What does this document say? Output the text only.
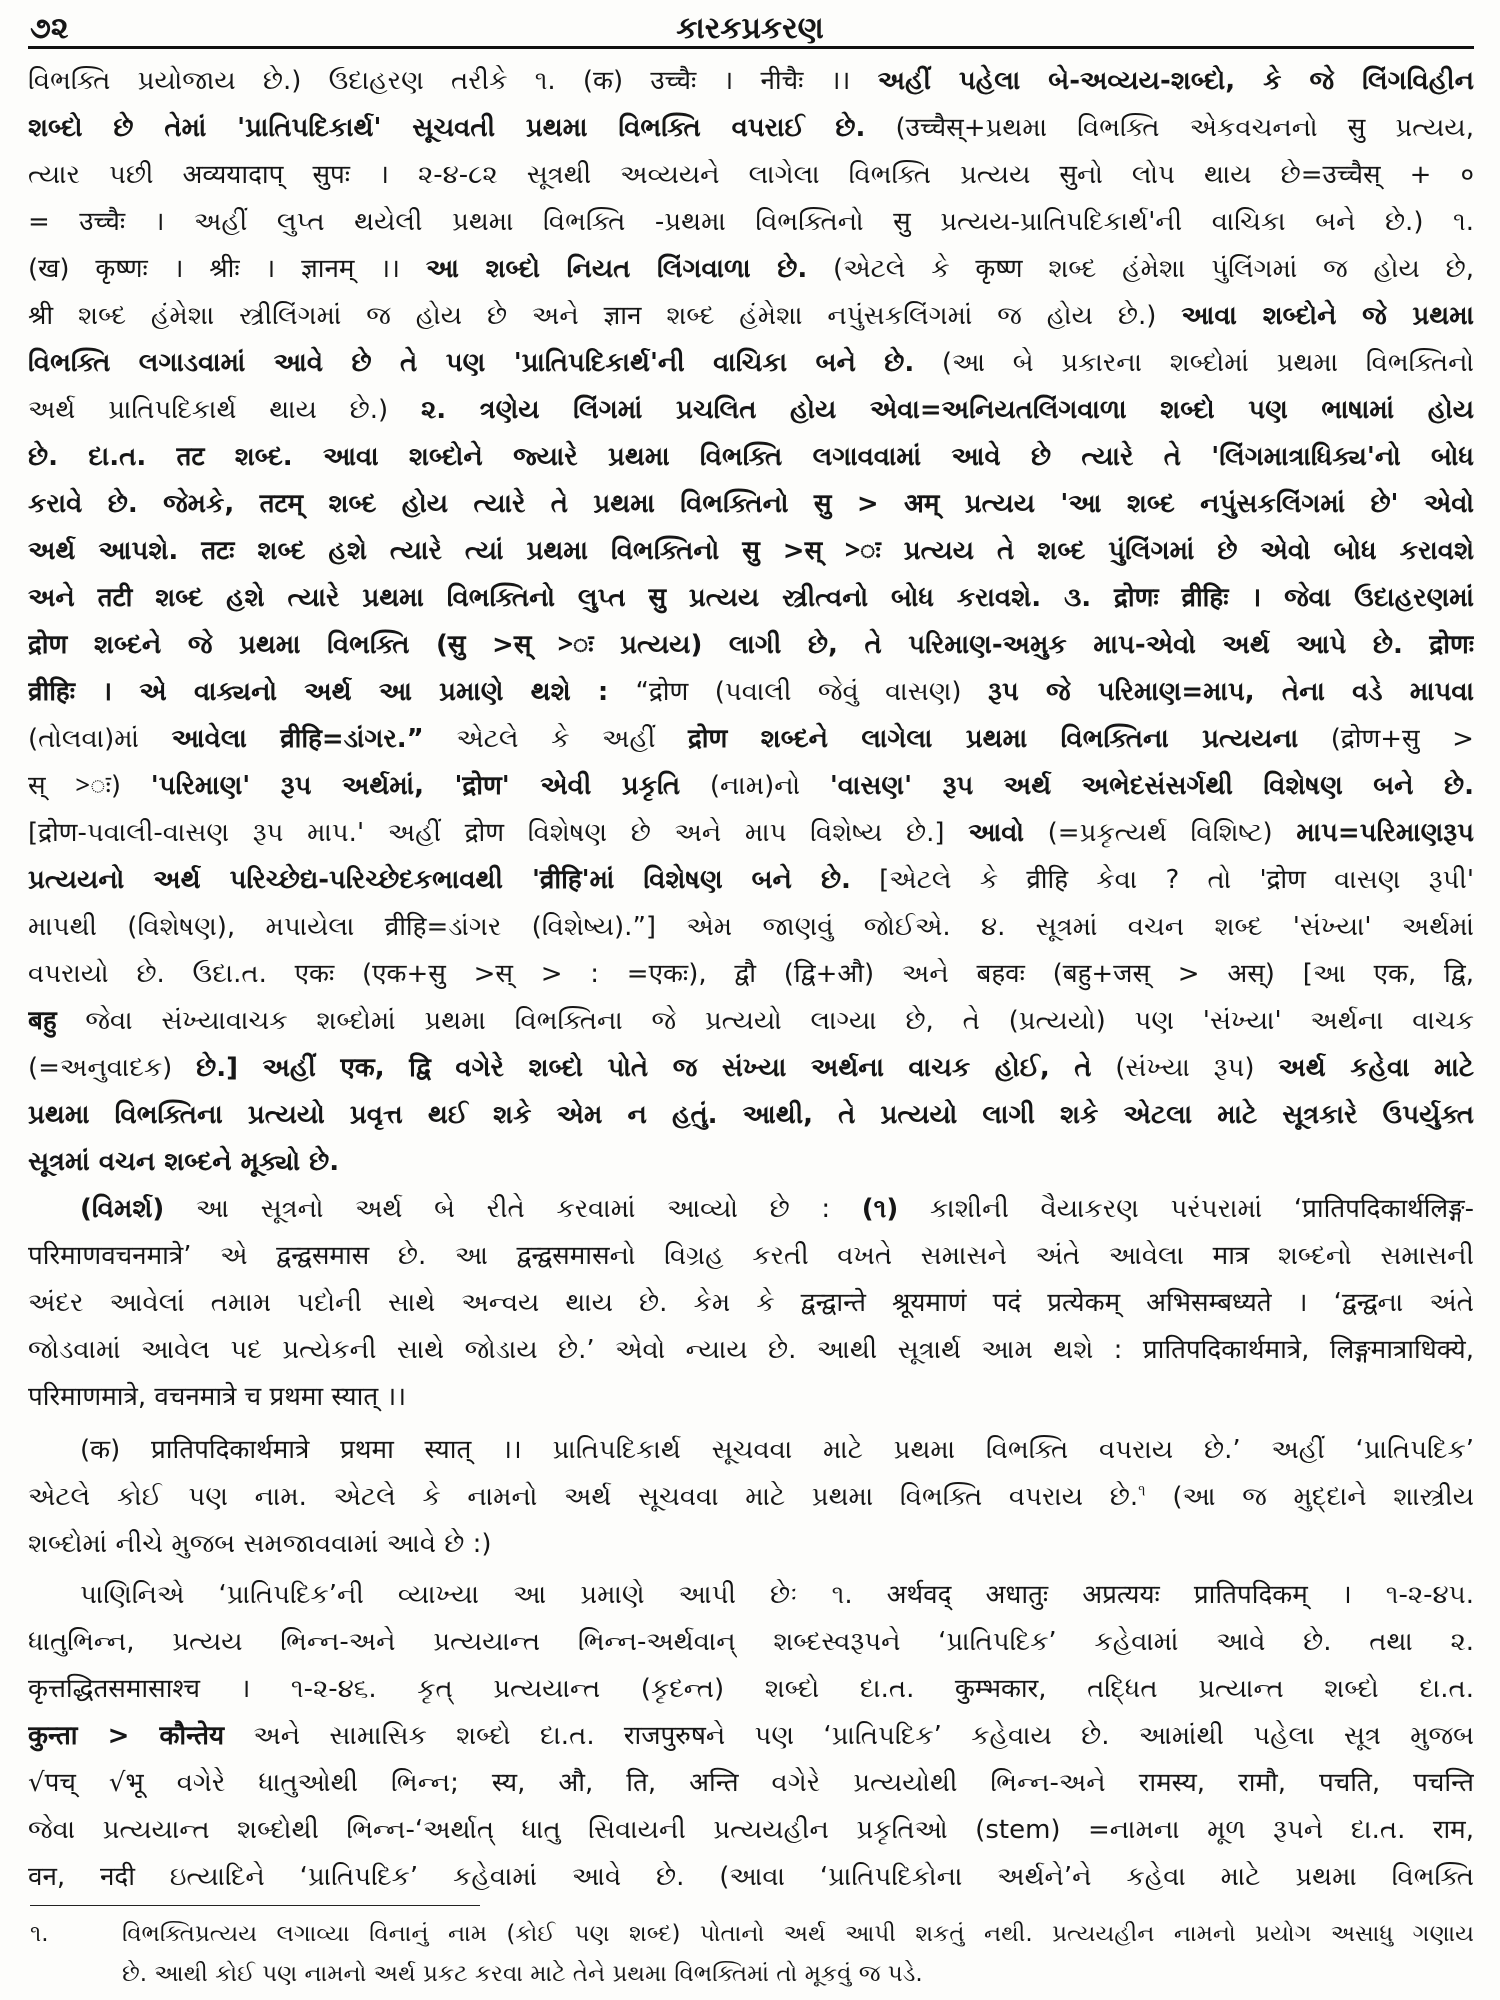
૭૨	કારકપ્રકરણ
વિભક્તિ પ્રયોજાય છે.) ઉદાહરણ તરીકે ૧. (क) उच्चैः । नीचैः ।। અહીં પહેલા બે-અવ્યય-શબ્દો, કે જે લિંગવિહીન
શબ્દો છે તેમાં 'પ્રાતિપદિકાર્થ' સૂચવતી પ્રથમા વિભક્તિ વપરાઈ છે. (उच्चैस्+પ્રથમા વિભક્તિ એકવચનનો सु પ્રત્યય,
ત્યાર પછી अव्ययादाप् सुपः । ૨-૪-૮૨ સૂત્રથી અવ્યયને લાગેલા વિભક્તિ પ્રત્યય सुનો લોપ થાય છે=उच्चैस् + ०
= उच्चैः । અહીં લુપ્ત થયેલી પ્રથમા વિભક્તિ -પ્રથમા વિભક્તિનો सु પ્રત્યય-પ્રાતિપદિકાર્થ'ની વાચિકા બને છે.) ૧.
(ख) कृष्णः । श्रीः । ज्ञानम् ।। આ શબ્દો નિયત લિંગવાળા છે. (એટલે કે कृष्ण શબ્દ હંમેશા પુંલિંગમાં જ હોય છે,
श्री શબ્દ હંમેશા સ્ત્રીલિંગમાં જ હોય છે અને ज्ञान શબ્દ હંમેશા નપુંસકલિંગમાં જ હોય છે.) આવા શબ્દોને જે પ્રથમા
વિભક્તિ લગાડવામાં આવે છે તે પણ 'પ્રાતિપદિકાર્થ'ની વાચિકા બને છે. (આ બે પ્રકારના શબ્દોમાં પ્રથમા વિભક્તિનો
અર્થ પ્રાતિપદિકાર્થ થાય છે.) ૨. ત્રણેય લિંગમાં પ્રચલિત હોય એવા=અનિયતલિંગવાળા શબ્દો પણ ભાષામાં હોય
છે. દા.ત. तट શબ્દ. આવા શબ્દોને જ્યારે પ્રથમા વિભક્તિ લગાવવામાં આવે છે ત્યારે તે 'લિંગમાત્રાધિક્ય'નો બોધ
કરાવે છે. જેમકે, तटम् શબ્દ હોય ત્યારે તે પ્રથમા વિભક્તિનો सु > अम् પ્રત્યય 'આ શબ્દ નપુંસકલિંગમાં છે' એવો
અર્થ આપશે. तटः શબ્દ હશે ત્યારે ત્યાં પ્રથમા વિભક્તિનો सु >स् >ः પ્રત્યય તે શબ્દ પુંલિંગમાં છે એવો બોધ કરાવશે
અને तटी શબ્દ હશે ત્યારે પ્રથમા વિભક્તિનો લુપ્ત सु પ્રત્યય સ્ત્રીત્વનો બોધ કરાવશે. ૩. द्रोणः व्रीहिः । જેવા ઉદાહરણમાં
द्रोण શબ્દને જે પ્રથમા વિભક્તિ (सु >स् >ः પ્રત્યય) લાગી છે, તે પરિમાણ-અમુક માપ-એવો અર્થ આપે છે. द्रोणः
व्रीहिः । એ વાક્યનો અર્થ આ પ્રમાણે થશે : “द्रोण (પવાલી જેવું વાસણ) રૂપ જે પરિમાણ=માપ, તેના વડે માપવા
(તોલવા)માં આવેલા व्रीहि=ડાંગર.” એટલે કે અહીં द्रोण શબ્દને લાગેલા પ્રથમા વિભક્તિના પ્રત્યયના (द्रोण+सु >
स् >ः) 'પરિમાણ' રૂપ અર્થમાં, 'द्रोण' એવી પ્રકૃતિ (નામ)નો 'વાસણ' રૂપ અર્થ અભેદસંસર્ગથી વિશેષણ બને છે.
[द्रोण-પવાલી-વાસણ રૂપ માપ.' અહીં द्रोण વિશેષણ છે અને માપ વિશેષ્ય છે.] આવો (=પ્રકૃત્યર્થ વિશિષ્ટ) માપ=પરિમાણરૂપ
પ્રત્યયનો અર્થ પરિચ્છેદ્ય-પરિચ્છેદકભાવથી 'व्रीहि'માં વિશેષણ બને છે. [એટલે કે व्रीहि કેવા ? તો 'द्रोण વાસણ રૂપી'
માપથી (વિશેષણ), મપાયેલા व्रीहि=ડાંગર (વિશેષ્ય).”] એમ જાણવું જોઈએ. ૪. સૂત્રમાં વચન શબ્દ 'સંખ્યા' અર્થમાં
વપરાયો છે. ઉદા.ત. एकः (एक+सु >स् > : =एकः), द्वौ (द्वि+औ) અને बहवः (बहु+जस् > अस्) [આ एक, द्वि,
बहु જેવા સંખ્યાવાચક શબ્દોમાં પ્રથમા વિભક્તિના જે પ્રત્યયો લાગ્યા છે, તે (પ્રત્યયો) પણ 'સંખ્યા' અર્થના વાચક
(=અનુવાદક) છે.] અહીં एक, द्वि વગેરે શબ્દો પોતે જ સંખ્યા અર્થના વાચક હોઈ, તે (સંખ્યા રૂપ) અર્થ કહેવા માટે
પ્રથમા વિભક્તિના પ્રત્યયો પ્રવૃત્ત થઈ શકે એમ ન હતું. આથી, તે પ્રત્યયો લાગી શકે એટલા માટે સૂત્રકારે ઉપર્યુક્ત
સૂત્રમાં વચન શબ્દને મૂક્યો છે.
(વિમર્શ) આ સૂત્રનો અર્થ બે રીતે કરવામાં આવ્યો છે : (૧) કાશીની વૈયાકરણ પરંપરામાં ‘प्रातिपदिकार्थलिङ्ग-
परिमाणवचनमात्रे’ એ द्वन्द्वसमास છે. આ द्वन्द्वसमासનો વિગ્રહ કરતી વખતે સમાસને અંતે આવેલા मात्र શબ્દનો સમાસની
અંદર આવેલાં તમામ પદોની સાથે અન્વય થાય છે. કેમ કે द्वन्द्वान्ते श्रूयमाणं पदं प्रत्येकम् अभिसम्बध्यते । ‘द्वन्द्वના અંતે
જોડવામાં આવેલ પદ પ્રત્યેકની સાથે જોડાય છે.’ એવો ન્યાય છે. આથી સૂત્રાર્થ આમ થશે : प्रातिपदिकार्थमात्रे, लिङ्गमात्राधिक्ये,
परिमाणमात्रे, वचनमात्रे च प्रथमा स्यात् ।।
(क) प्रातिपदिकार्थमात्रे प्रथमा स्यात् ।। પ્રાતિપદિકાર્થ સૂચવવા માટે પ્રથમા વિભક્તિ વપરાય છે.’ અહીં ‘પ્રાતિપદિક’
એટલે કોઈ પણ નામ. એટલે કે નામનો અર્થ સૂચવવા માટે પ્રથમા વિભક્તિ વપરાય છે.$^૧$ (આ જ મુદ્દાને શાસ્ત્રીય
શબ્દોમાં નીચે મુજબ સમજાવવામાં આવે છે :)
પાણિનિએ ‘પ્રાતિપદિક’ની વ્યાખ્યા આ પ્રમાણે આપી છેઃ ૧. अर्थवद् अधातुः अप्रत्ययः प्रातिपदिकम् । ૧-૨-૪૫.
ધાતુભિન્ન, પ્રત્યય ભિન્ન-અને પ્રત્યયાન્ત ભિન્ન-અર્થવાન્ શબ્દસ્વરૂપને ‘પ્રાતિપદિક’ કહેવામાં આવે છે. તથા ૨.
कृत्तद्धितसमासाश्च । ૧-૨-૪૬. કૃત્ પ્રત્યયાન્ત (કૃદન્ત) શબ્દો દા.ત. कुम्भकार, તદ્ધિત પ્રત્યાન્ત શબ્દો દા.ત.
कुन्ता > कौन्तेय અને સામાસિક શબ્દો દા.ત. राजपुरुषને પણ ‘પ્રાતિપદિક’ કહેવાય છે. આમાંથી પહેલા સૂત્ર મુજબ
√पच् √भू વગેરે ધાતુઓથી ભિન્ન; स्य, औ, ति, अन्ति વગેરે પ્રત્યયોથી ભિન્ન-અને रामस्य, रामौ, पचति, पचन्ति
જેવા પ્રત્યયાન્ત શબ્દોથી ભિન્ન-‘અર્થાત્ ધાતુ સિવાયની પ્રત્યયહીન પ્રકૃતિઓ (stem) =નામના મૂળ રૂપને દા.ત. राम,
वन, नदी ઇત્યાદિને ‘પ્રાતિપદિક’ કહેવામાં આવે છે. (આવા ‘પ્રાતિપદિકોના અર્થને’ને કહેવા માટે પ્રથમા વિભક્તિ
૧.	વિભક્તિપ્રત્યય લગાવ્યા વિનાનું નામ (કોઈ પણ શબ્દ) પોતાનો અર્થ આપી શકતું નથી. પ્રત્યયહીન નામનો પ્રયોગ અસાધુ ગણાય
છે. આથી કોઈ પણ નામનો અર્થ પ્રકટ કરવા માટે તેને પ્રથમા વિભક્તિમાં તો મૂકવું જ પડે.
